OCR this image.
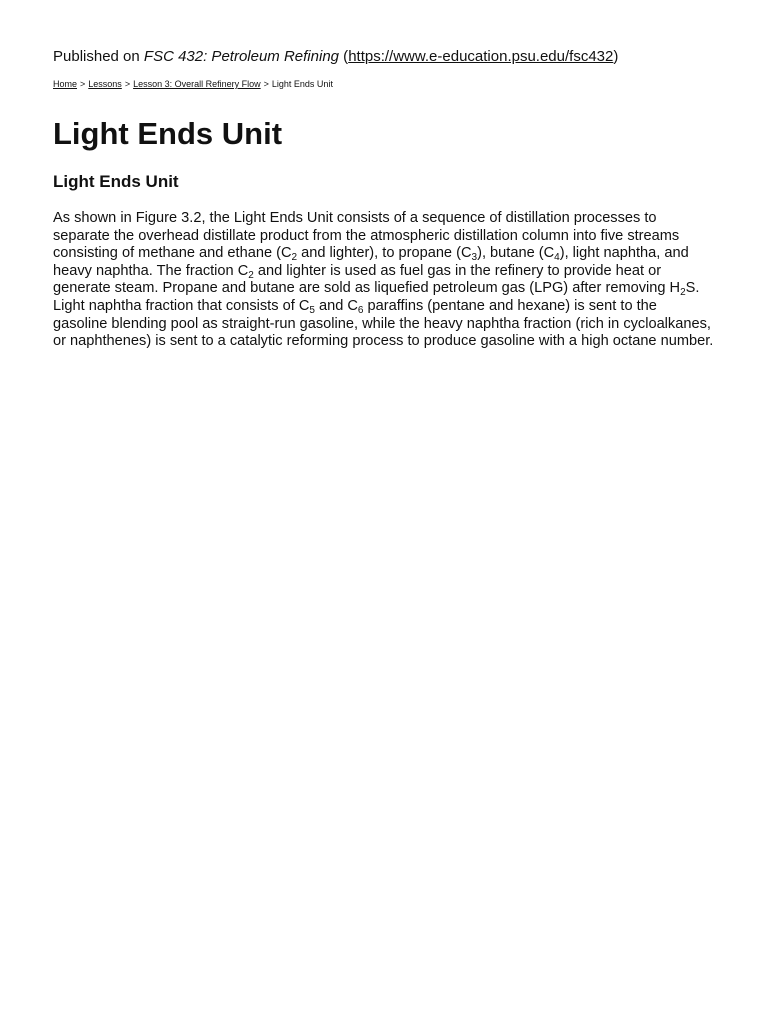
Published on FSC 432: Petroleum Refining (https://www.e-education.psu.edu/fsc432)
Home > Lessons > Lesson 3: Overall Refinery Flow > Light Ends Unit
Light Ends Unit
Light Ends Unit

As shown in Figure 3.2, the Light Ends Unit consists of a sequence of distillation processes to separate the overhead distillate product from the atmospheric distillation column into five streams consisting of methane and ethane ($C_2$ and lighter), to propane $(C_3)$, butane $(C_4)$, light naphtha, and heavy naphtha. The fraction $C_2$ and lighter is used as fuel gas in the refinery to provide heat or generate steam. Propane and butane are sold as liquefied petroleum gas (LPG) after removing $H_2S$. Light naphtha fraction that consists of $C_5$ and $C_6$ paraffins (pentane and hexane) is sent to the gasoline blending pool as straight-run gasoline, while the heavy naphtha fraction (rich in cycloalkanes, or naphthenes) is sent to a catalytic reforming process to produce gasoline with a high octane number.
